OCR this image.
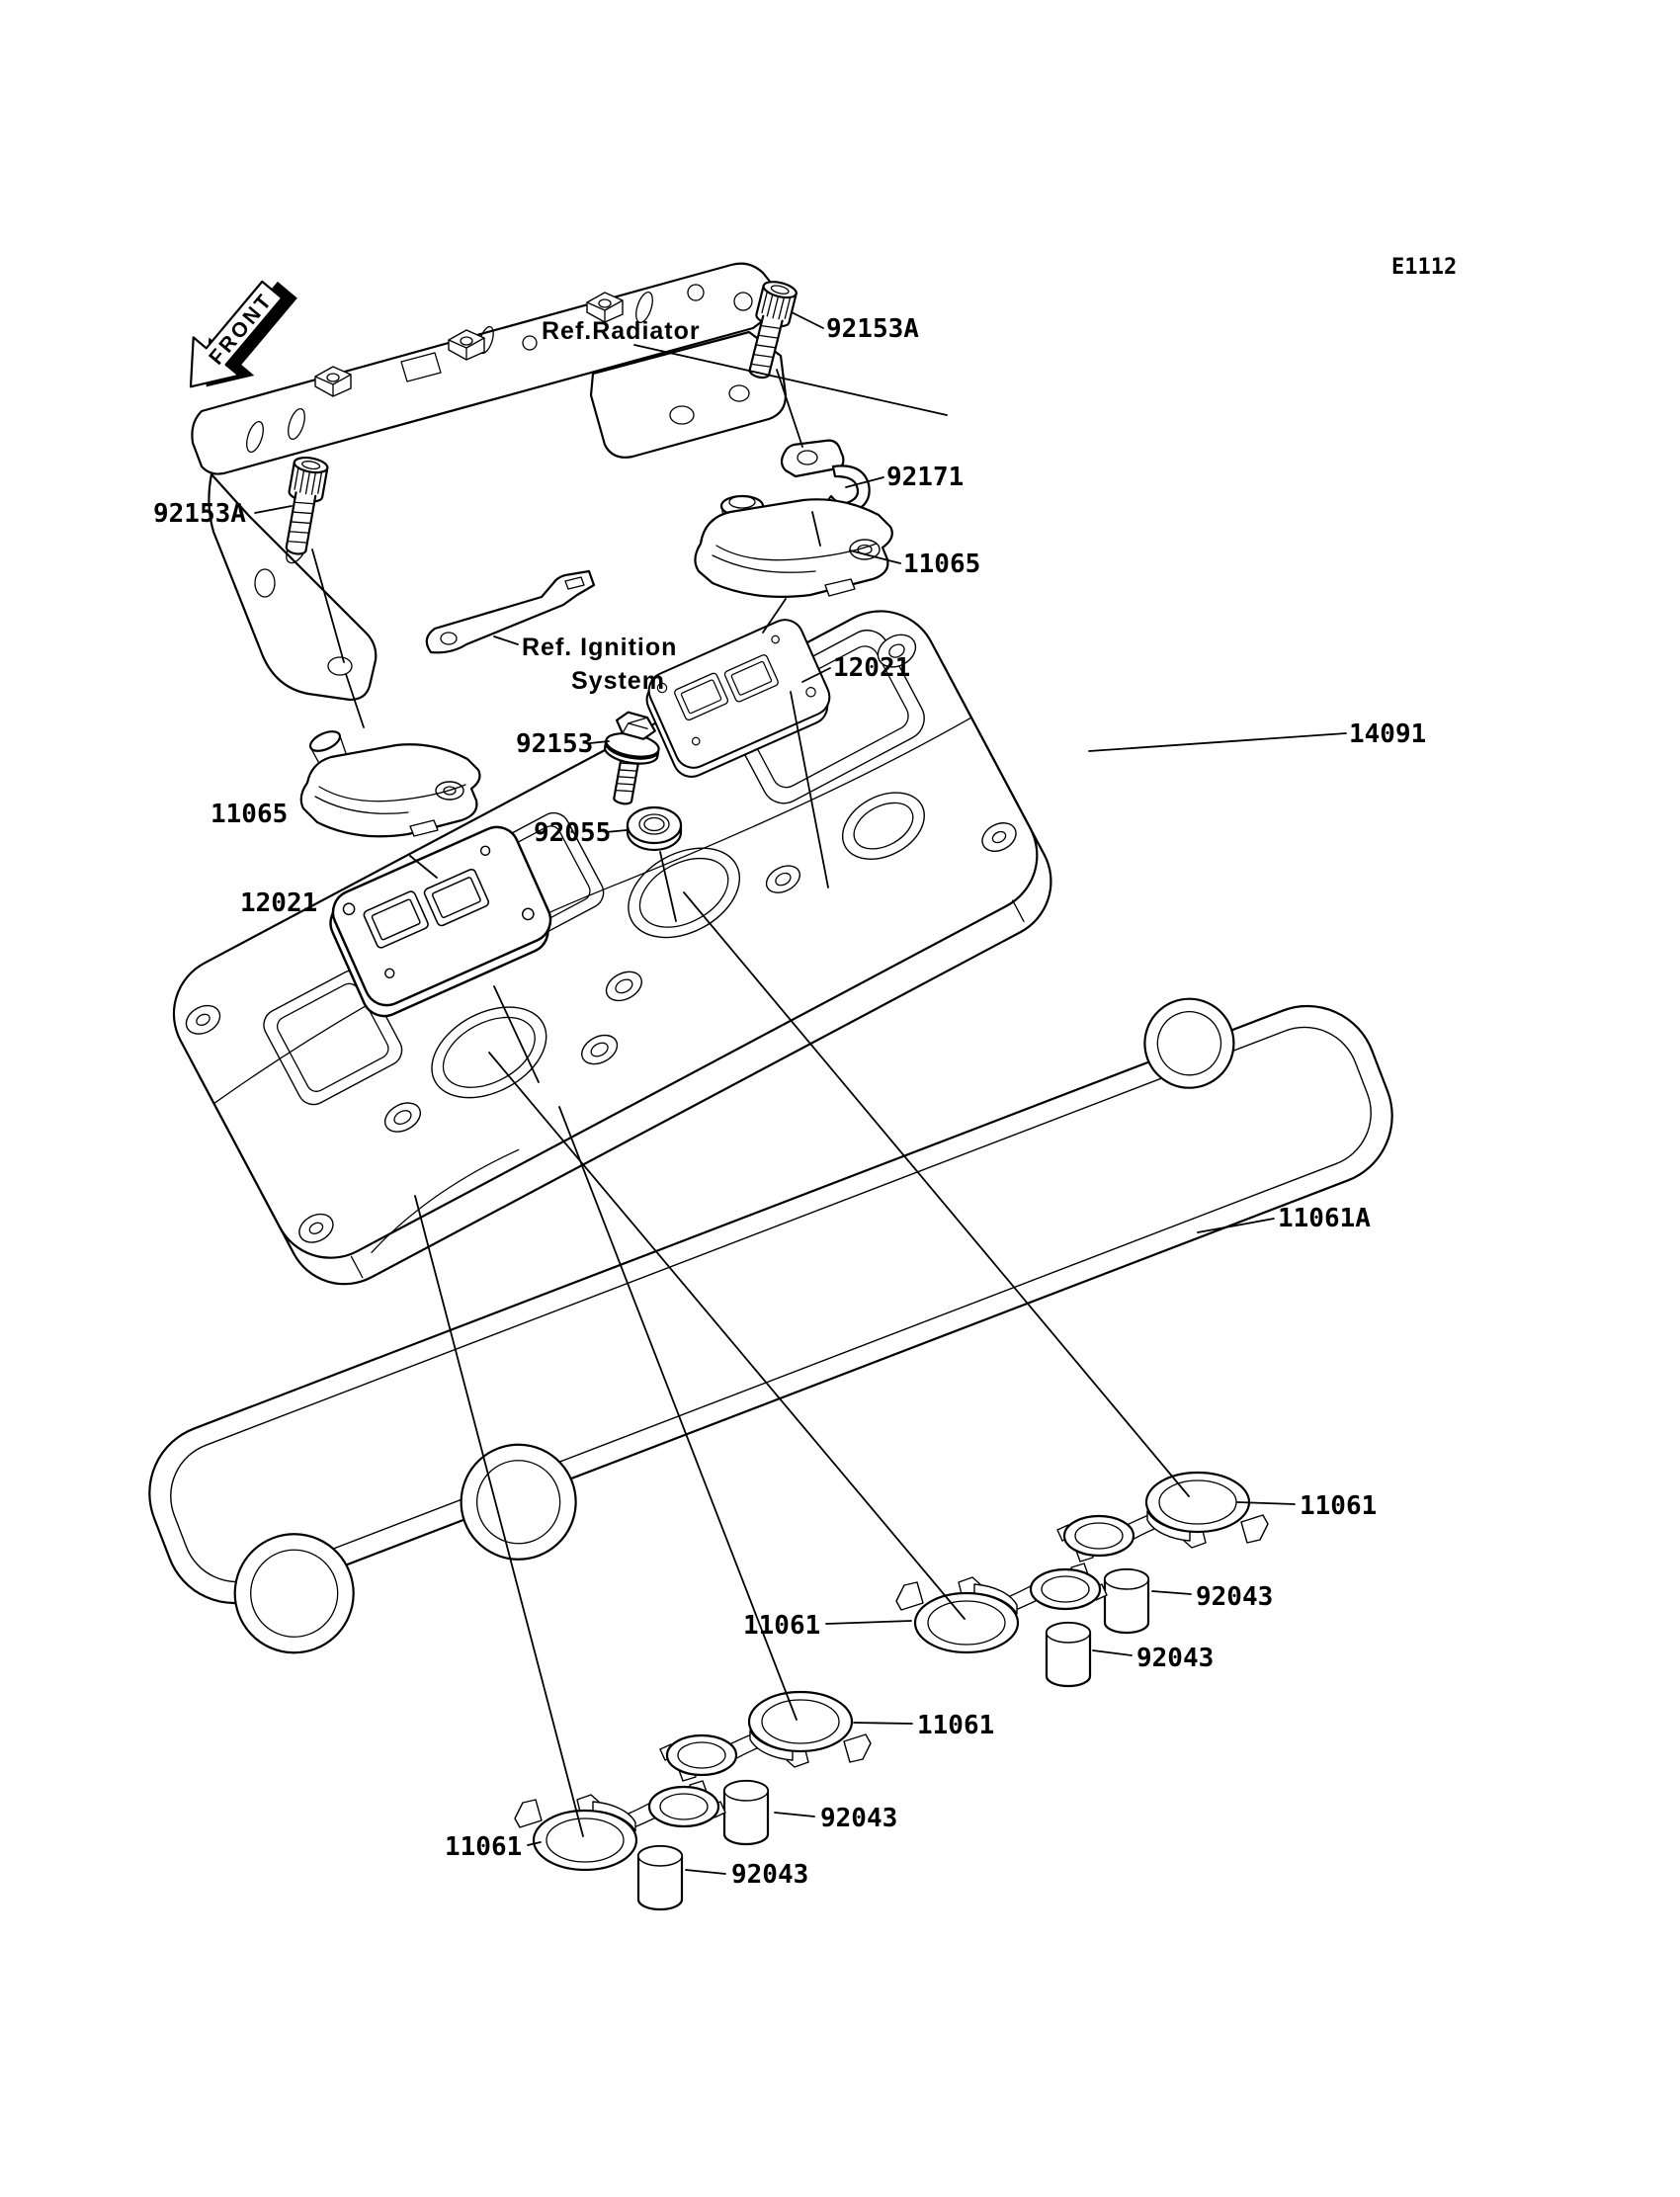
FRONT
E1112
Ref.Radiator	92153A
92171
11065
12021
Ref. Ignition
System
92153
92055
14091
92153A
11065
12021
11061A
11061
92043
11061
92043
11061
92043
11061
92043
